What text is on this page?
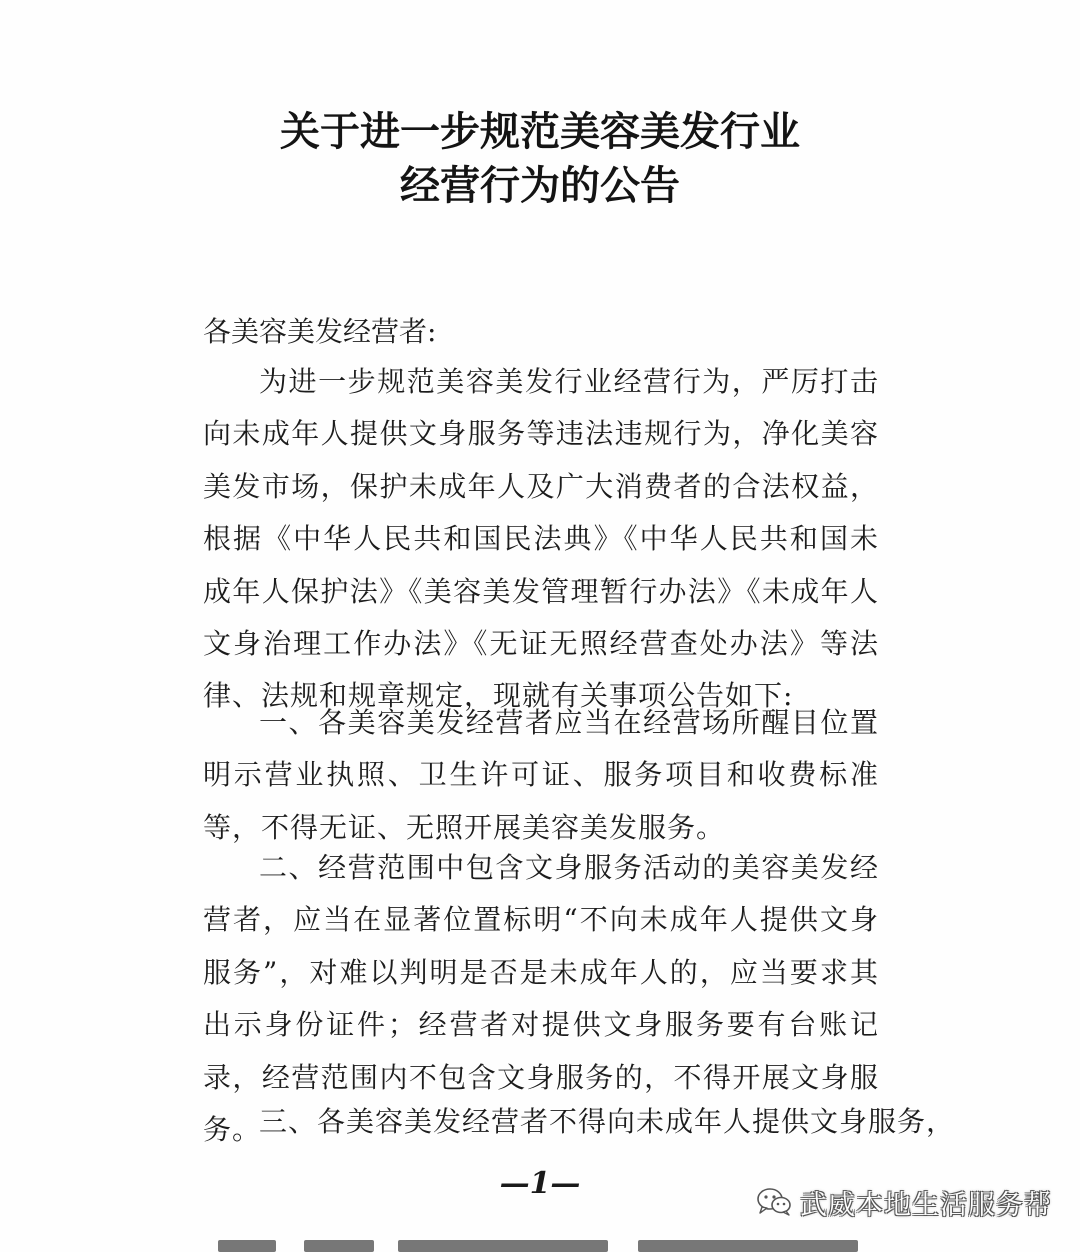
关于进一步规范美容美发行业
经营行为的公告
各美容美发经营者:
为进一步规范美容美发行业经营行为，严厉打击向未成年人提供文身服务等违法违规行为，净化美容美发市场，保护未成年人及广大消费者的合法权益，根据《中华人民共和国民法典》《中华人民共和国未成年人保护法》《美容美发管理暂行办法》《未成年人文身治理工作办法》《无证无照经营查处办法》等法律、法规和规章规定，现就有关事项公告如下:
一、各美容美发经营者应当在经营场所醒目位置明示营业执照、卫生许可证、服务项目和收费标准等，不得无证、无照开展美容美发服务。
二、经营范围中包含文身服务活动的美容美发经营者，应当在显著位置标明“不向未成年人提供文身服务”，对难以判明是否是未成年人的，应当要求其出示身份证件；经营者对提供文身服务要有台账记录，经营范围内不包含文身服务的，不得开展文身服务。
三、各美容美发经营者不得向未成年人提供文身服务，
—1—
武威本地生活服务帮
